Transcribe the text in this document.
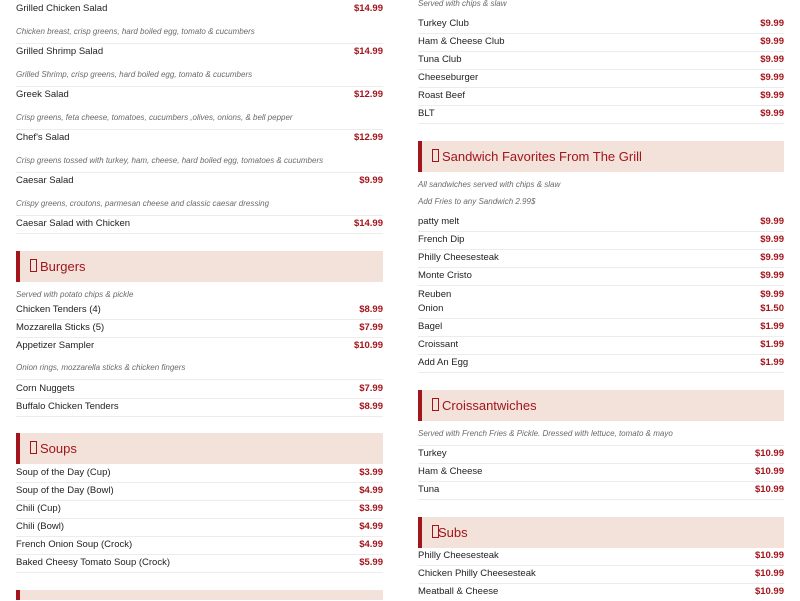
Grilled Chicken Salad	$14.99
Chicken breast, crisp greens, hard boiled egg, tomato & cucumbers
Grilled Shrimp Salad	$14.99
Grilled Shrimp, crisp greens, hard boiled egg, tomato & cucumbers
Greek Salad	$12.99
Crisp greens, feta cheese, tomatoes, cucumbers ,olives, onions, & bell pepper
Chef's Salad	$12.99
Crisp greens tossed with turkey, ham, cheese, hard boiled egg, tomatoes & cucumbers
Caesar Salad	$9.99
Crispy greens, croutons, parmesan cheese and classic caesar dressing
Caesar Salad with Chicken	$14.99
Burgers
Served with potato chips & pickle
Chicken Tenders (4)	$8.99
Mozzarella Sticks (5)	$7.99
Appetizer Sampler	$10.99
Onion rings, mozzarella sticks & chicken fingers
Corn Nuggets	$7.99
Buffalo Chicken Tenders	$8.99
Soups
Soup of the Day (Cup)	$3.99
Soup of the Day (Bowl)	$4.99
Chili (Cup)	$3.99
Chili (Bowl)	$4.99
French Onion Soup (Crock)	$4.99
Baked Cheesy Tomato Soup (Crock)	$5.99
Served with chips & slaw
Turkey Club	$9.99
Ham & Cheese Club	$9.99
Tuna Club	$9.99
Cheeseburger	$9.99
Roast Beef	$9.99
BLT	$9.99
Sandwich Favorites From The Grill
All sandwiches served with chips & slaw
Add Fries to any Sandwich 2.99$
patty melt	$9.99
French Dip	$9.99
Philly Cheesesteak	$9.99
Monte Cristo	$9.99
Reuben	$9.99
Onion	$1.50
Bagel	$1.99
Croissant	$1.99
Add An Egg	$1.99
Croissantwiches
Served with French Fries & Pickle. Dressed with lettuce, tomato & mayo
Turkey	$10.99
Ham & Cheese	$10.99
Tuna	$10.99
Subs
Philly Cheesesteak	$10.99
Chicken Philly Cheesesteak	$10.99
Meatball & Cheese	$10.99
